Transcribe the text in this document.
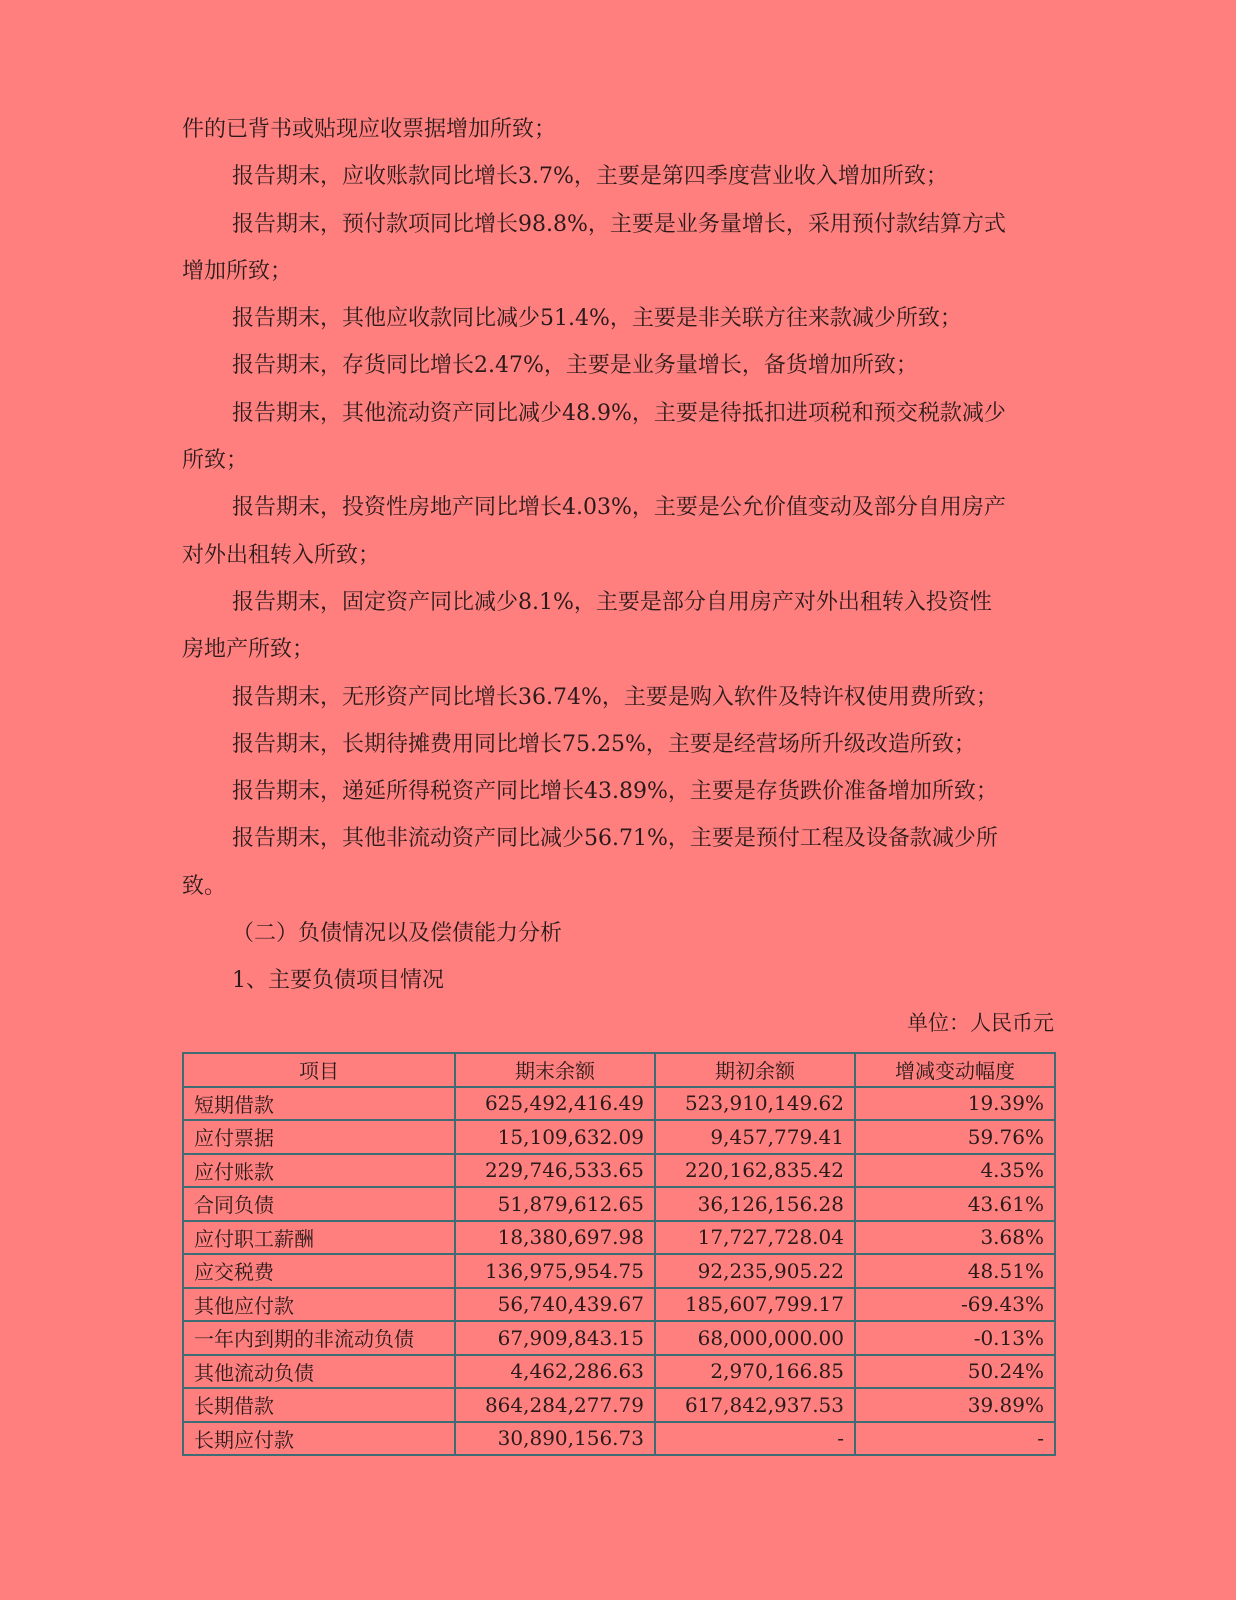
件的已背书或贴现应收票据增加所致；
报告期末，应收账款同比增长3.7%，主要是第四季度营业收入增加所致；
报告期末，预付款项同比增长98.8%，主要是业务量增长，采用预付款结算方式
增加所致；
报告期末，其他应收款同比减少51.4%，主要是非关联方往来款减少所致；
报告期末，存货同比增长2.47%，主要是业务量增长，备货增加所致；
报告期末，其他流动资产同比减少48.9%，主要是待抵扣进项税和预交税款减少
所致；
报告期末，投资性房地产同比增长4.03%，主要是公允价值变动及部分自用房产
对外出租转入所致；
报告期末，固定资产同比减少8.1%，主要是部分自用房产对外出租转入投资性
房地产所致；
报告期末，无形资产同比增长36.74%，主要是购入软件及特许权使用费所致；
报告期末，长期待摊费用同比增长75.25%，主要是经营场所升级改造所致；
报告期末，递延所得税资产同比增长43.89%，主要是存货跌价准备增加所致；
报告期末，其他非流动资产同比减少56.71%，主要是预付工程及设备款减少所
致。
（二）负债情况以及偿债能力分析
1、主要负债项目情况
单位：人民币元
项目	期末余额	期初余额	增减变动幅度
短期借款	625,492,416.49	523,910,149.62	19.39%
应付票据	15,109,632.09	9,457,779.41	59.76%
应付账款	229,746,533.65	220,162,835.42	4.35%
合同负债	51,879,612.65	36,126,156.28	43.61%
应付职工薪酬	18,380,697.98	17,727,728.04	3.68%
应交税费	136,975,954.75	92,235,905.22	48.51%
其他应付款	56,740,439.67	185,607,799.17	-69.43%
一年内到期的非流动负债	67,909,843.15	68,000,000.00	-0.13%
其他流动负债	4,462,286.63	2,970,166.85	50.24%
长期借款	864,284,277.79	617,842,937.53	39.89%
长期应付款	30,890,156.73	-	-
